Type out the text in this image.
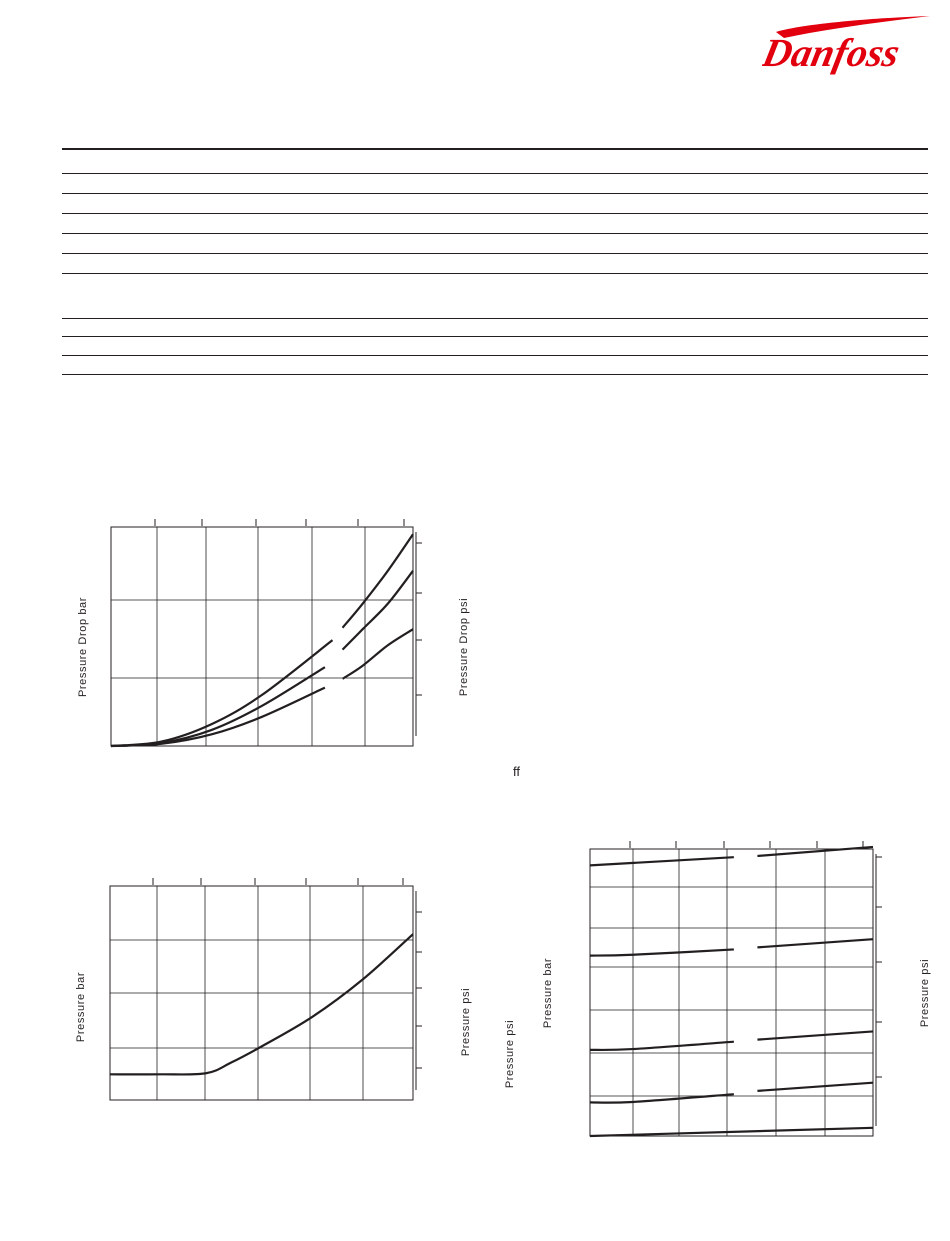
Danfoss
Pressure Drop bar	Pressure Drop psi
ff
Pressure bar	Pressure psi	Pressure bar
Pressure psi
Pressure psi
